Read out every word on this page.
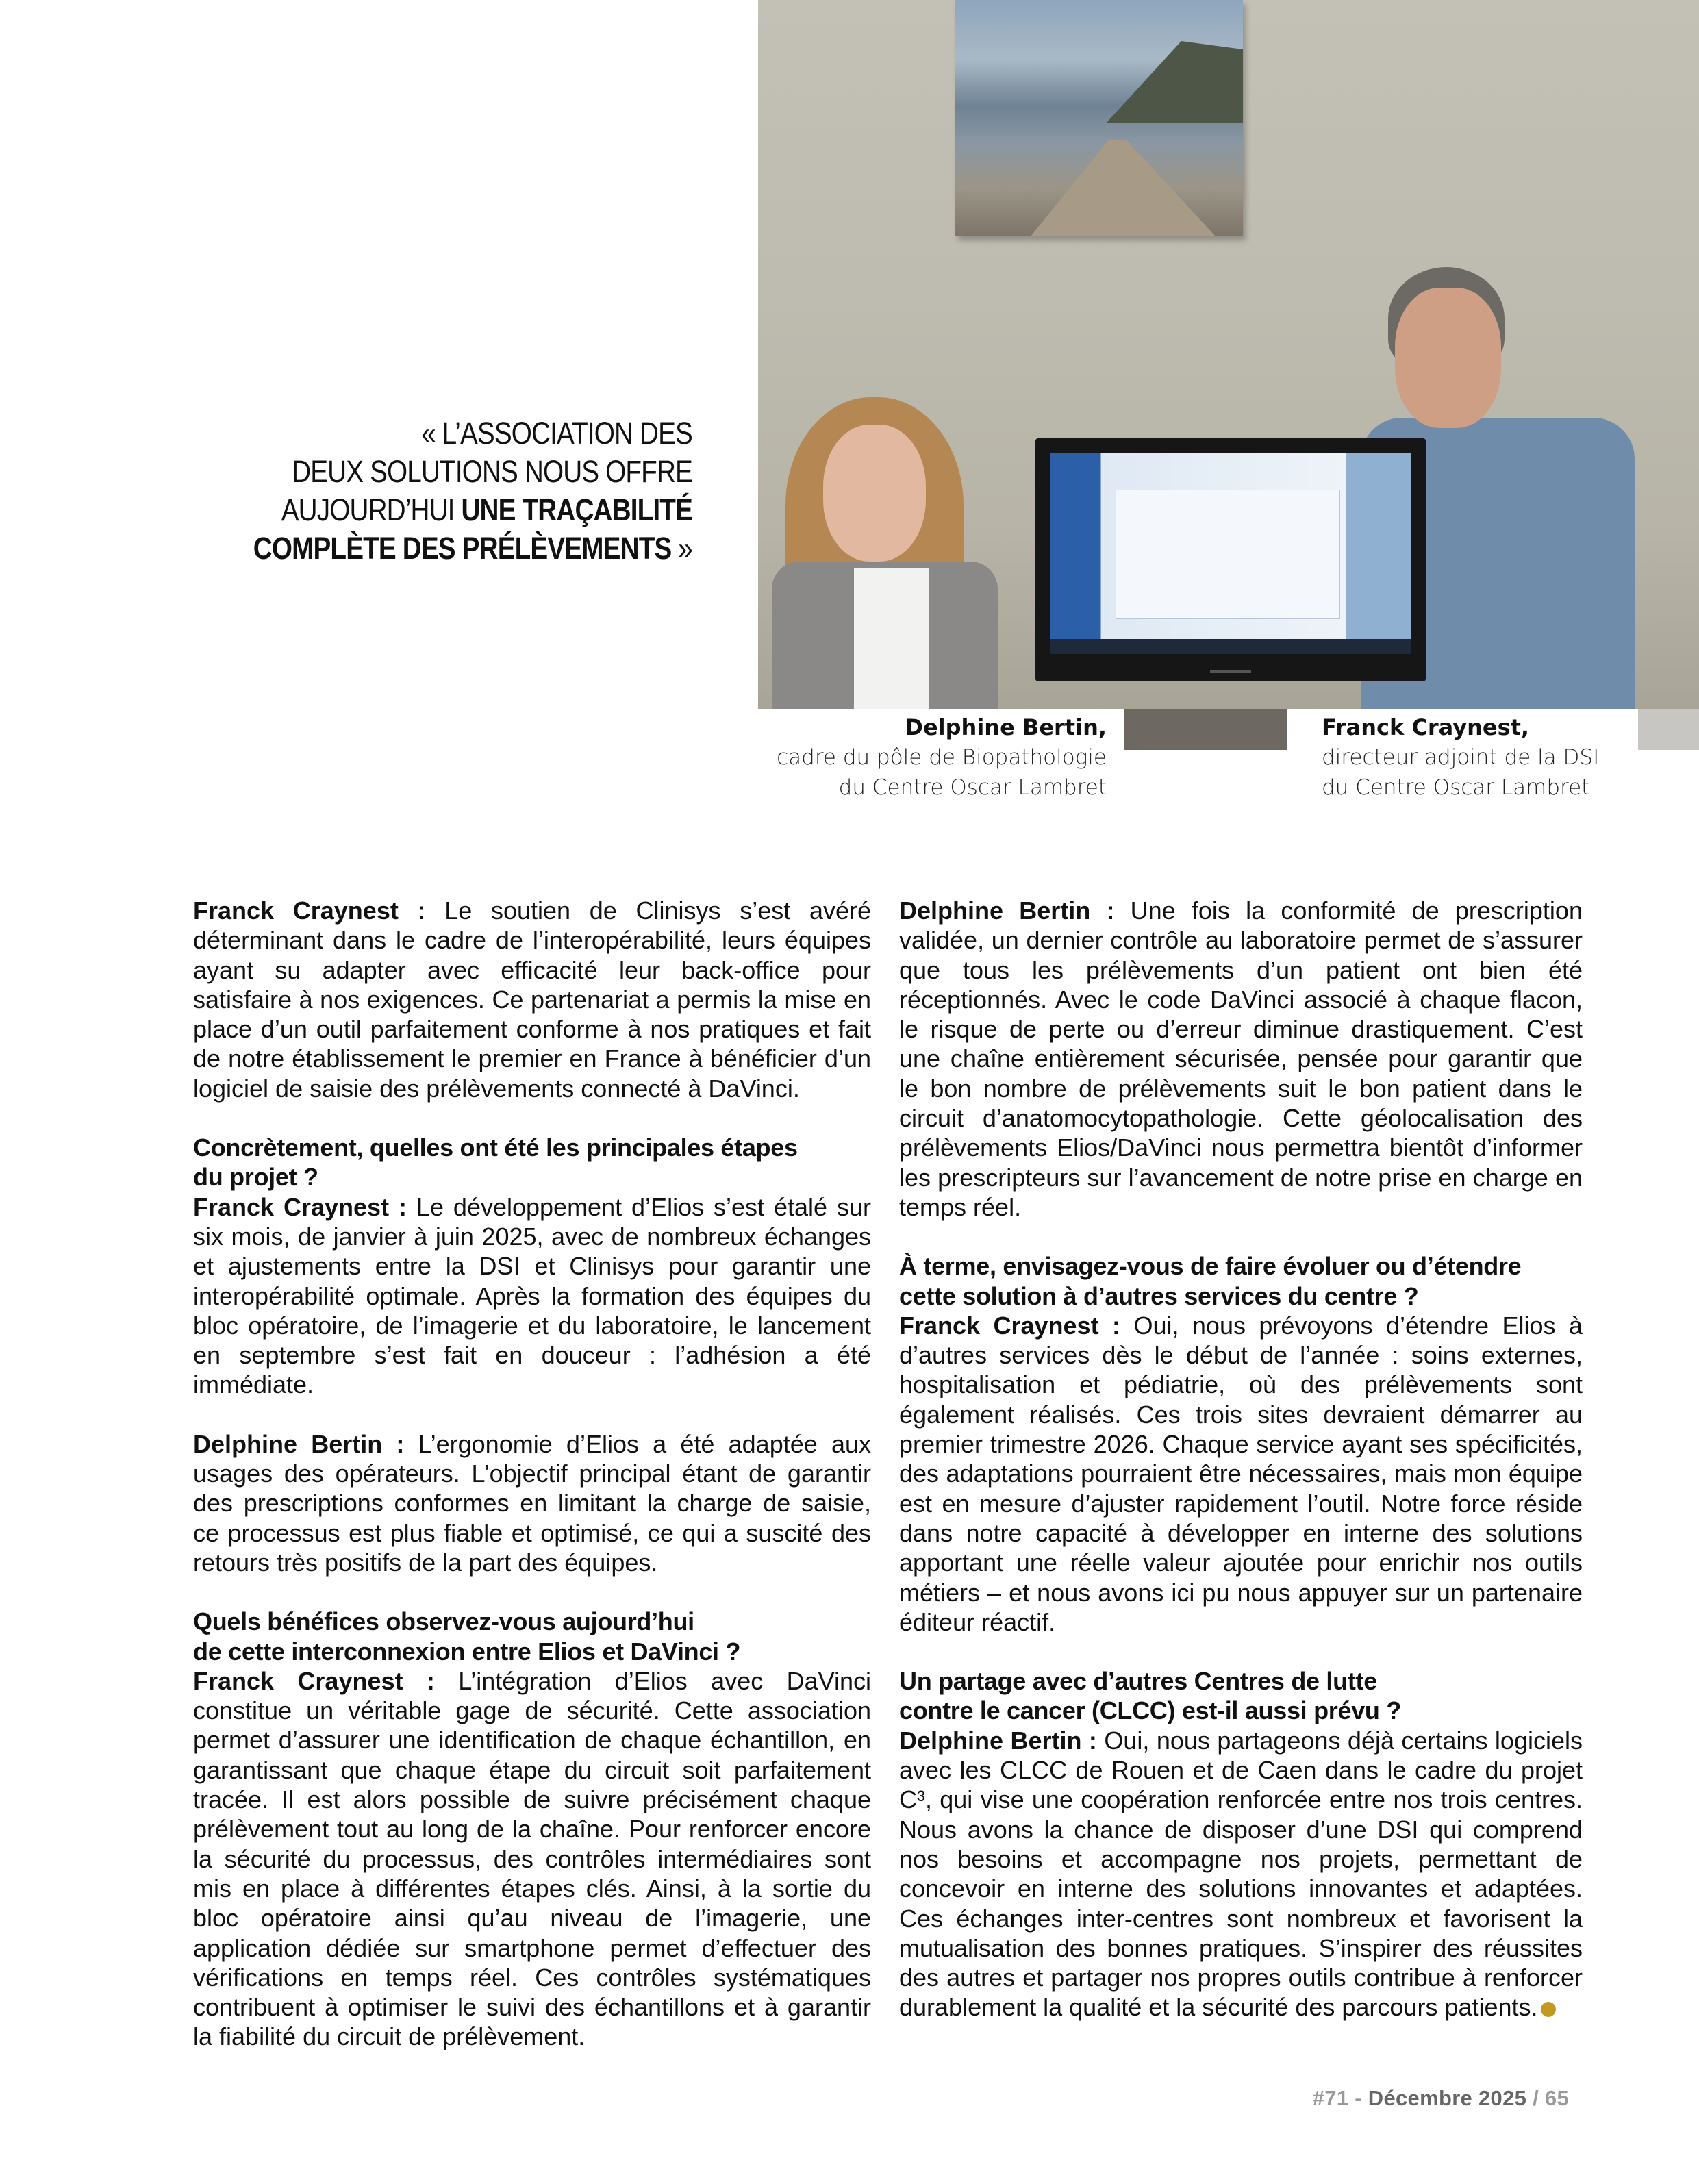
« L’ASSOCIATION DES
DEUX SOLUTIONS NOUS OFFRE
AUJOURD’HUI UNE TRAÇABILITÉ
COMPLÈTE DES PRÉLÈVEMENTS »
Delphine Bertin,
cadre du pôle de Biopathologie
du Centre Oscar Lambret
Franck Craynest,
directeur adjoint de la DSI
du Centre Oscar Lambret

Franck Craynest : Le soutien de Clinisys s’est avéré déterminant dans le cadre de l’interopérabilité, leurs équipes ayant su adapter avec efficacité leur back-office pour satisfaire à nos exigences. Ce partenariat a permis la mise en place d’un outil parfaitement conforme à nos pratiques et fait de notre établissement le premier en France à bénéficier d’un logiciel de saisie des prélèvements connecté à DaVinci.

Concrètement, quelles ont été les principales étapes
du projet ?

Franck Craynest : Le développement d’Elios s’est étalé sur six mois, de janvier à juin 2025, avec de nombreux échanges et ajustements entre la DSI et Clinisys pour garantir une interopérabilité optimale. Après la formation des équipes du bloc opératoire, de l’imagerie et du laboratoire, le lancement en septembre s’est fait en douceur : l’adhésion a été immédiate.

Delphine Bertin : L’ergonomie d’Elios a été adaptée aux usages des opérateurs. L’objectif principal étant de garantir des prescriptions conformes en limitant la charge de saisie, ce processus est plus fiable et optimisé, ce qui a suscité des retours très positifs de la part des équipes.

Quels bénéfices observez-vous aujourd’hui
de cette interconnexion entre Elios et DaVinci ?

Franck Craynest : L’intégration d’Elios avec DaVinci constitue un véritable gage de sécurité. Cette association permet d’assurer une identification de chaque échantillon, en garantissant que chaque étape du circuit soit parfaitement tracée. Il est alors possible de suivre précisément chaque prélèvement tout au long de la chaîne. Pour renforcer encore la sécurité du processus, des contrôles intermédiaires sont mis en place à différentes étapes clés. Ainsi, à la sortie du bloc opératoire ainsi qu’au niveau de l’imagerie, une application dédiée sur smartphone permet d’effectuer des vérifications en temps réel. Ces contrôles systématiques contribuent à optimiser le suivi des échantillons et à garantir la fiabilité du circuit de prélèvement.

Delphine Bertin : Une fois la conformité de prescription validée, un dernier contrôle au laboratoire permet de s’assurer que tous les prélèvements d’un patient ont bien été réceptionnés. Avec le code DaVinci associé à chaque flacon, le risque de perte ou d’erreur diminue drastiquement. C’est une chaîne entièrement sécurisée, pensée pour garantir que le bon nombre de prélèvements suit le bon patient dans le circuit d’anatomocytopathologie. Cette géolocalisation des prélèvements Elios/DaVinci nous permettra bientôt d’informer les prescripteurs sur l’avancement de notre prise en charge en temps réel.

À terme, envisagez-vous de faire évoluer ou d’étendre
cette solution à d’autres services du centre ?

Franck Craynest : Oui, nous prévoyons d’étendre Elios à d’autres services dès le début de l’année : soins externes, hospitalisation et pédiatrie, où des prélèvements sont également réalisés. Ces trois sites devraient démarrer au premier trimestre 2026. Chaque service ayant ses spécificités, des adaptations pourraient être nécessaires, mais mon équipe est en mesure d’ajuster rapidement l’outil. Notre force réside dans notre capacité à développer en interne des solutions apportant une réelle valeur ajoutée pour enrichir nos outils métiers – et nous avons ici pu nous appuyer sur un partenaire éditeur réactif.

Un partage avec d’autres Centres de lutte
contre le cancer (CLCC) est-il aussi prévu ?

Delphine Bertin : Oui, nous partageons déjà certains logiciels avec les CLCC de Rouen et de Caen dans le cadre du projet C³, qui vise une coopération renforcée entre nos trois centres. Nous avons la chance de disposer d’une DSI qui comprend nos besoins et accompagne nos projets, permettant de concevoir en interne des solutions innovantes et adaptées. Ces échanges inter-centres sont nombreux et favorisent la mutualisation des bonnes pratiques. S’inspirer des réussites des autres et partager nos propres outils contribue à renforcer durablement la qualité et la sécurité des parcours patients.

#71 - Décembre 2025 / 65
